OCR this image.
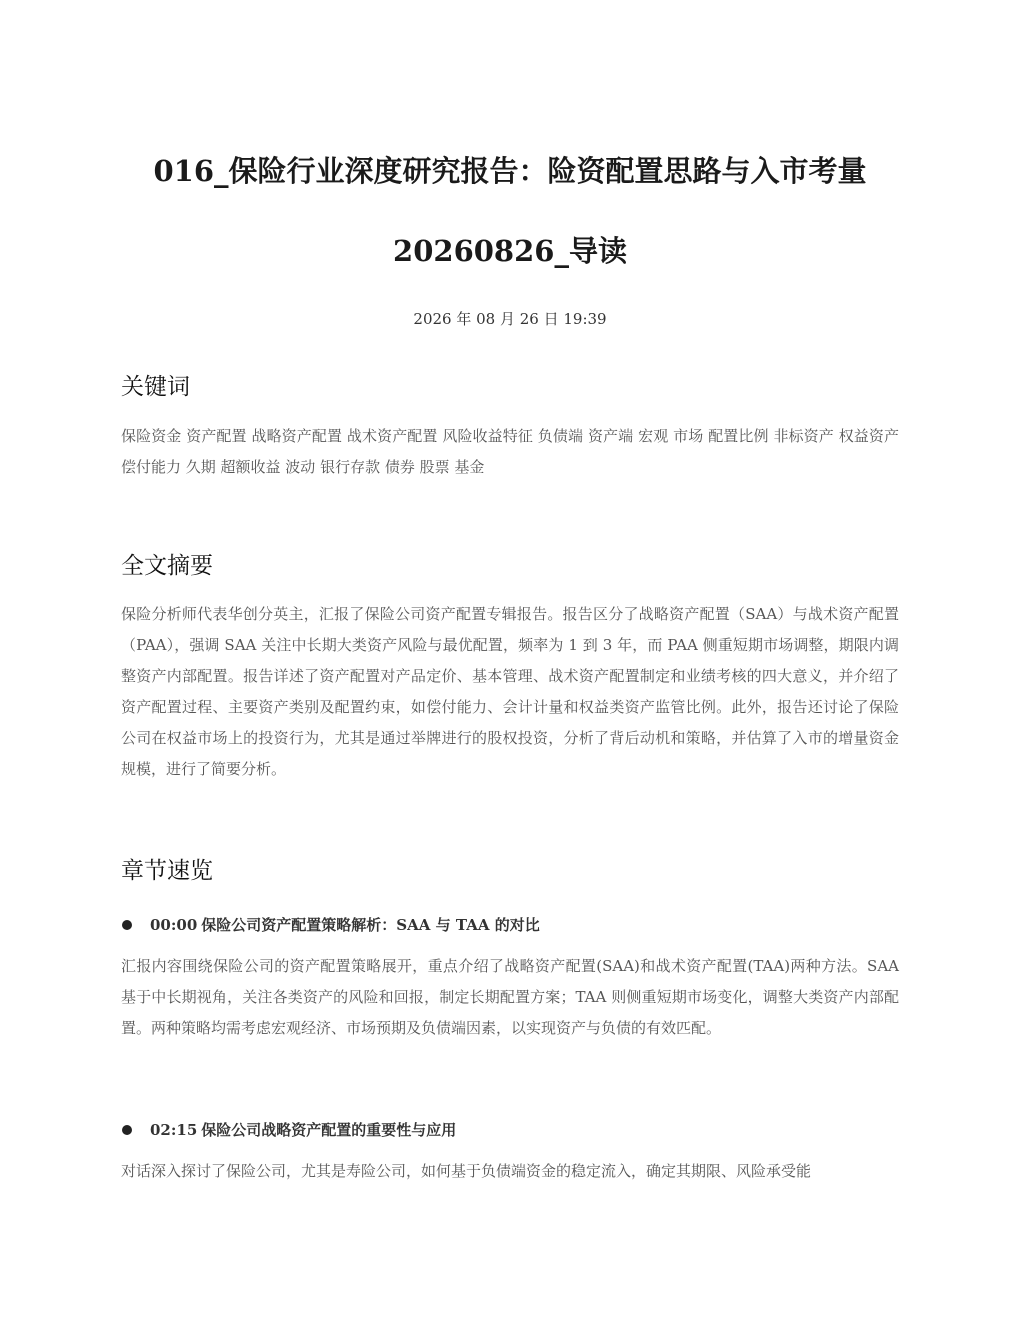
016_保险行业深度研究报告：险资配置思路与入市考量
20260826_导读
2026 年 08 月 26 日 19:39
关键词
保险资金 资产配置 战略资产配置 战术资产配置 风险收益特征 负债端 资产端 宏观 市场 配置比例 非标资产 权益资产 偿付能力 久期 超额收益 波动 银行存款 债券 股票 基金
全文摘要
保险分析师代表华创分英主，汇报了保险公司资产配置专辑报告。报告区分了战略资产配置（SAA）与战术资产配置（PAA），强调 SAA 关注中长期大类资产风险与最优配置，频率为 1 到 3 年，而 PAA 侧重短期市场调整，期限内调整资产内部配置。报告详述了资产配置对产品定价、基本管理、战术资产配置制定和业绩考核的四大意义，并介绍了资产配置过程、主要资产类别及配置约束，如偿付能力、会计计量和权益类资产监管比例。此外，报告还讨论了保险公司在权益市场上的投资行为，尤其是通过举牌进行的股权投资，分析了背后动机和策略，并估算了入市的增量资金规模，进行了简要分析。
章节速览
00:00 保险公司资产配置策略解析：SAA 与 TAA 的对比
汇报内容围绕保险公司的资产配置策略展开，重点介绍了战略资产配置(SAA)和战术资产配置(TAA)两种方法。SAA 基于中长期视角，关注各类资产的风险和回报，制定长期配置方案；TAA 则侧重短期市场变化，调整大类资产内部配置。两种策略均需考虑宏观经济、市场预期及负债端因素，以实现资产与负债的有效匹配。
02:15 保险公司战略资产配置的重要性与应用
对话深入探讨了保险公司，尤其是寿险公司，如何基于负债端资金的稳定流入，确定其期限、风险承受能
